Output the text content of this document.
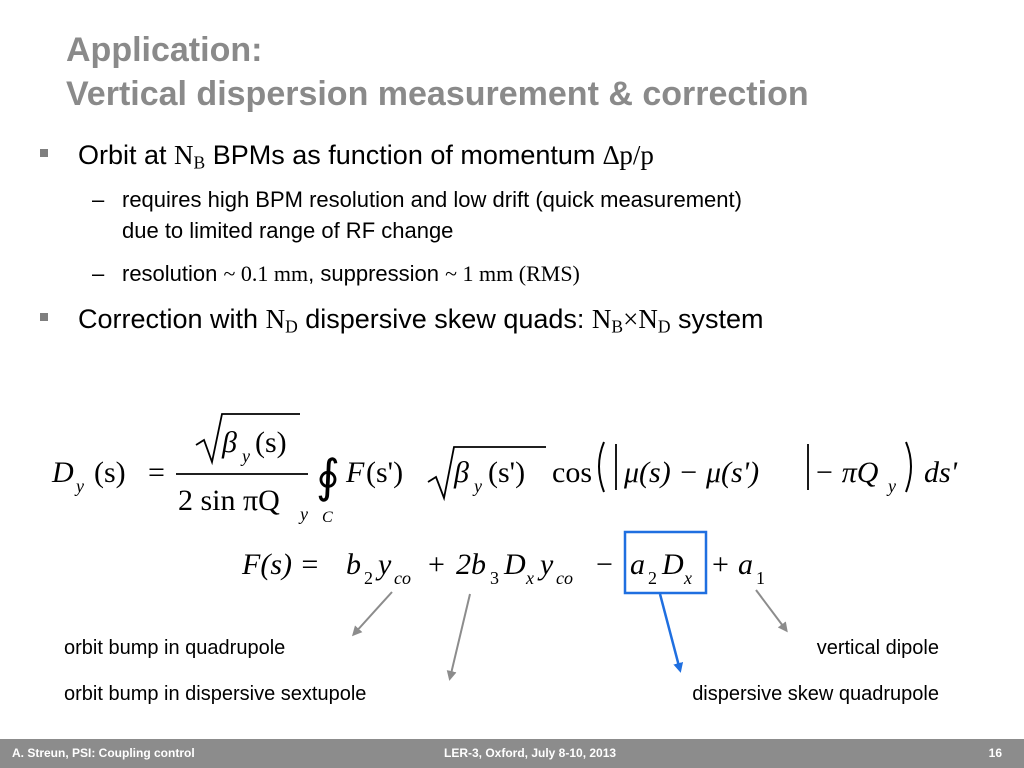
Application:
Vertical dispersion measurement & correction
Orbit at $N_B$ BPMs as function of momentum ∆p/p
– requires high BPM resolution and low drift (quick measurement)
due to limited range of RF change
– resolution ~ 0.1 mm, suppression ~ 1 mm (RMS)
Correction with $N_D$ dispersive skew quads: $N_B\times N_D$ system
D y (s) =
β y (s)
2 sin πQ y
∮
C
F (s') β y (s') cos μ(s) − μ(s') − πQ y ds'
F(s) = b 2 y co + 2b 3 D x y co − a 2 D x + a 1
orbit bump in quadrupole
orbit bump in dispersive sextupole
vertical dipole
dispersive skew quadrupole
A. Streun, PSI: Coupling control	LER-3, Oxford, July 8-10, 2013	16
